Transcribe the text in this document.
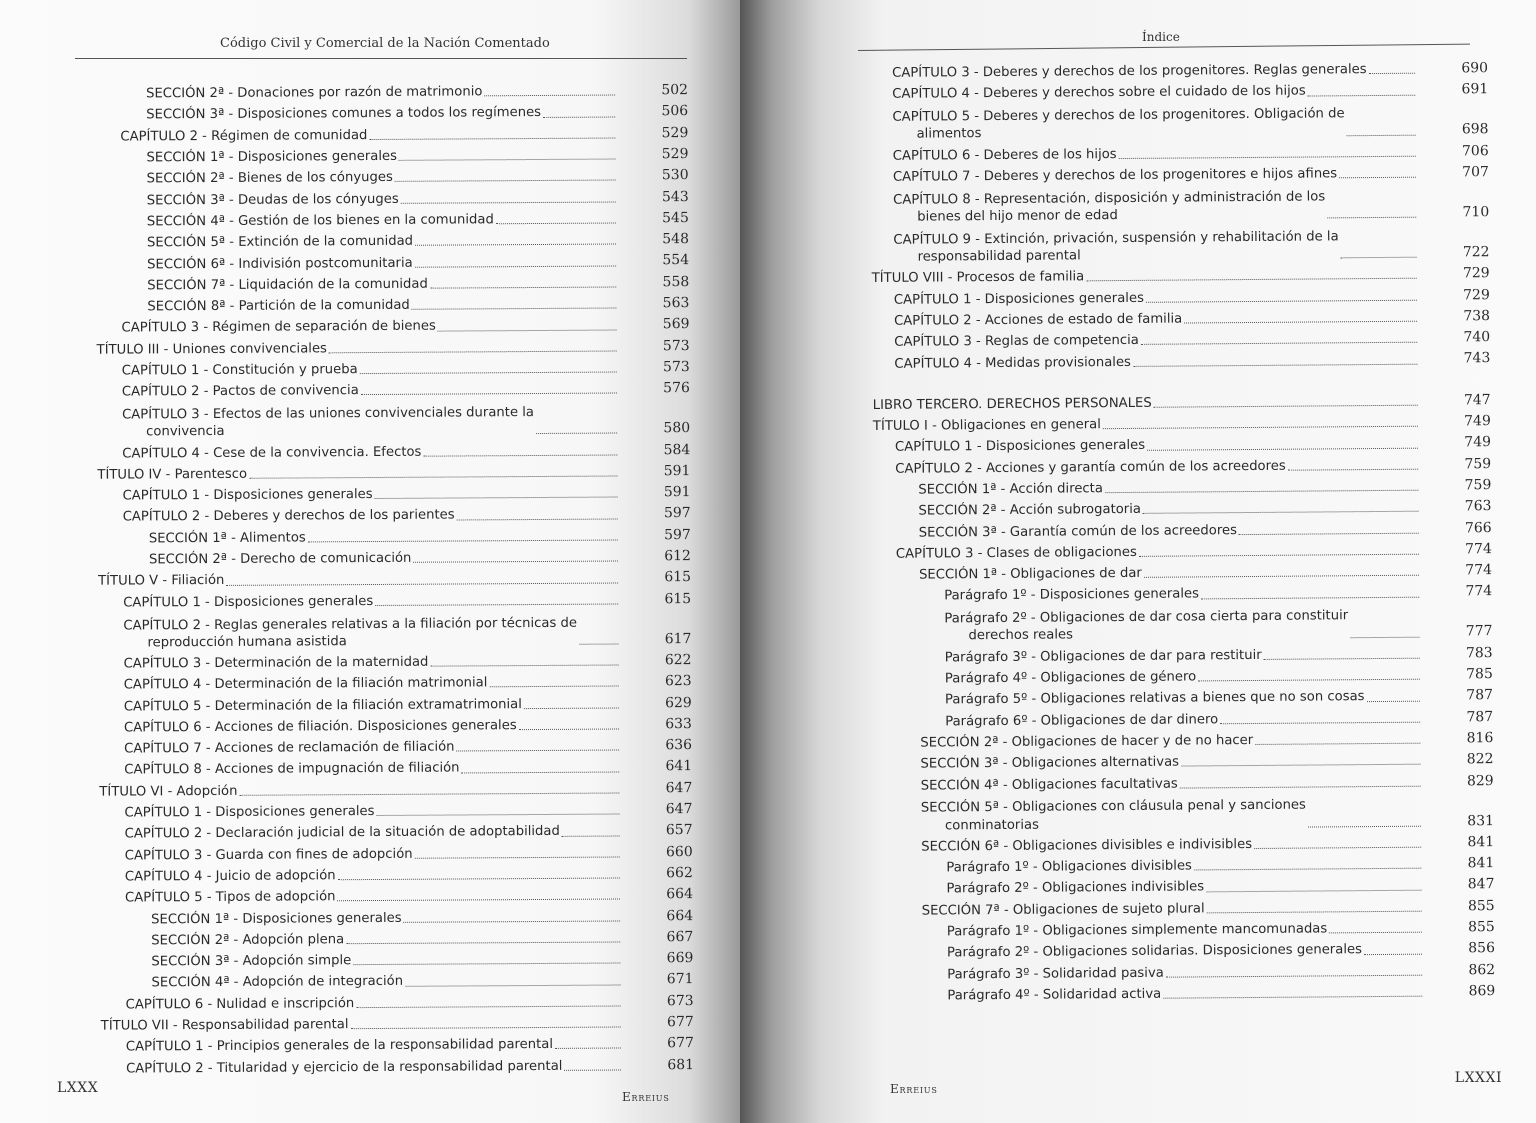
Código Civil y Comercial de la Nación Comentado
SECCIÓN 2ª - Donaciones por razón de matrimonio	502
SECCIÓN 3ª - Disposiciones comunes a todos los regímenes	506
CAPÍTULO 2 - Régimen de comunidad	529
SECCIÓN 1ª - Disposiciones generales	529
SECCIÓN 2ª - Bienes de los cónyuges	530
SECCIÓN 3ª - Deudas de los cónyuges	543
SECCIÓN 4ª - Gestión de los bienes en la comunidad	545
SECCIÓN 5ª - Extinción de la comunidad	548
SECCIÓN 6ª - Indivisión postcomunitaria	554
SECCIÓN 7ª - Liquidación de la comunidad	558
SECCIÓN 8ª - Partición de la comunidad	563
CAPÍTULO 3 - Régimen de separación de bienes	569
TÍTULO III - Uniones convivenciales	573
CAPÍTULO 1 - Constitución y prueba	573
CAPÍTULO 2 - Pactos de convivencia	576
CAPÍTULO 3 - Efectos de las uniones convivenciales durante la
convivencia	580
CAPÍTULO 4 - Cese de la convivencia. Efectos	584
TÍTULO IV - Parentesco	591
CAPÍTULO 1 - Disposiciones generales	591
CAPÍTULO 2 - Deberes y derechos de los parientes	597
SECCIÓN 1ª - Alimentos	597
SECCIÓN 2ª - Derecho de comunicación	612
TÍTULO V - Filiación	615
CAPÍTULO 1 - Disposiciones generales	615
CAPÍTULO 2 - Reglas generales relativas a la filiación por técnicas de
reproducción humana asistida	617
CAPÍTULO 3 - Determinación de la maternidad	622
CAPÍTULO 4 - Determinación de la filiación matrimonial	623
CAPÍTULO 5 - Determinación de la filiación extramatrimonial	629
CAPÍTULO 6 - Acciones de filiación. Disposiciones generales	633
CAPÍTULO 7 - Acciones de reclamación de filiación	636
CAPÍTULO 8 - Acciones de impugnación de filiación	641
TÍTULO VI - Adopción	647
CAPÍTULO 1 - Disposiciones generales	647
CAPÍTULO 2 - Declaración judicial de la situación de adoptabilidad	657
CAPÍTULO 3 - Guarda con fines de adopción	660
CAPÍTULO 4 - Juicio de adopción	662
CAPÍTULO 5 - Tipos de adopción	664
SECCIÓN 1ª - Disposiciones generales	664
SECCIÓN 2ª - Adopción plena	667
SECCIÓN 3ª - Adopción simple	669
SECCIÓN 4ª - Adopción de integración	671
CAPÍTULO 6 - Nulidad e inscripción	673
TÍTULO VII - Responsabilidad parental	677
CAPÍTULO 1 - Principios generales de la responsabilidad parental	677
CAPÍTULO 2 - Titularidad y ejercicio de la responsabilidad parental	681
LXXX
Erreius
Índice
CAPÍTULO 3 - Deberes y derechos de los progenitores. Reglas generales	690
CAPÍTULO 4 - Deberes y derechos sobre el cuidado de los hijos	691
CAPÍTULO 5 - Deberes y derechos de los progenitores. Obligación de
alimentos	698
CAPÍTULO 6 - Deberes de los hijos	706
CAPÍTULO 7 - Deberes y derechos de los progenitores e hijos afines	707
CAPÍTULO 8 - Representación, disposición y administración de los
bienes del hijo menor de edad	710
CAPÍTULO 9 - Extinción, privación, suspensión y rehabilitación de la
responsabilidad parental	722
TÍTULO VIII - Procesos de familia	729
CAPÍTULO 1 - Disposiciones generales	729
CAPÍTULO 2 - Acciones de estado de familia	738
CAPÍTULO 3 - Reglas de competencia	740
CAPÍTULO 4 - Medidas provisionales	743
LIBRO TERCERO. DERECHOS PERSONALES	747
TÍTULO I - Obligaciones en general	749
CAPÍTULO 1 - Disposiciones generales	749
CAPÍTULO 2 - Acciones y garantía común de los acreedores	759
SECCIÓN 1ª - Acción directa	759
SECCIÓN 2ª - Acción subrogatoria	763
SECCIÓN 3ª - Garantía común de los acreedores	766
CAPÍTULO 3 - Clases de obligaciones	774
SECCIÓN 1ª - Obligaciones de dar	774
Parágrafo 1º - Disposiciones generales	774
Parágrafo 2º - Obligaciones de dar cosa cierta para constituir
derechos reales	777
Parágrafo 3º - Obligaciones de dar para restituir	783
Parágrafo 4º - Obligaciones de género	785
Parágrafo 5º - Obligaciones relativas a bienes que no son cosas	787
Parágrafo 6º - Obligaciones de dar dinero	787
SECCIÓN 2ª - Obligaciones de hacer y de no hacer	816
SECCIÓN 3ª - Obligaciones alternativas	822
SECCIÓN 4ª - Obligaciones facultativas	829
SECCIÓN 5ª - Obligaciones con cláusula penal y sanciones
conminatorias	831
SECCIÓN 6ª - Obligaciones divisibles e indivisibles	841
Parágrafo 1º - Obligaciones divisibles	841
Parágrafo 2º - Obligaciones indivisibles	847
SECCIÓN 7ª - Obligaciones de sujeto plural	855
Parágrafo 1º - Obligaciones simplemente mancomunadas	855
Parágrafo 2º - Obligaciones solidarias. Disposiciones generales	856
Parágrafo 3º - Solidaridad pasiva	862
Parágrafo 4º - Solidaridad activa	869
Erreius
LXXXI
